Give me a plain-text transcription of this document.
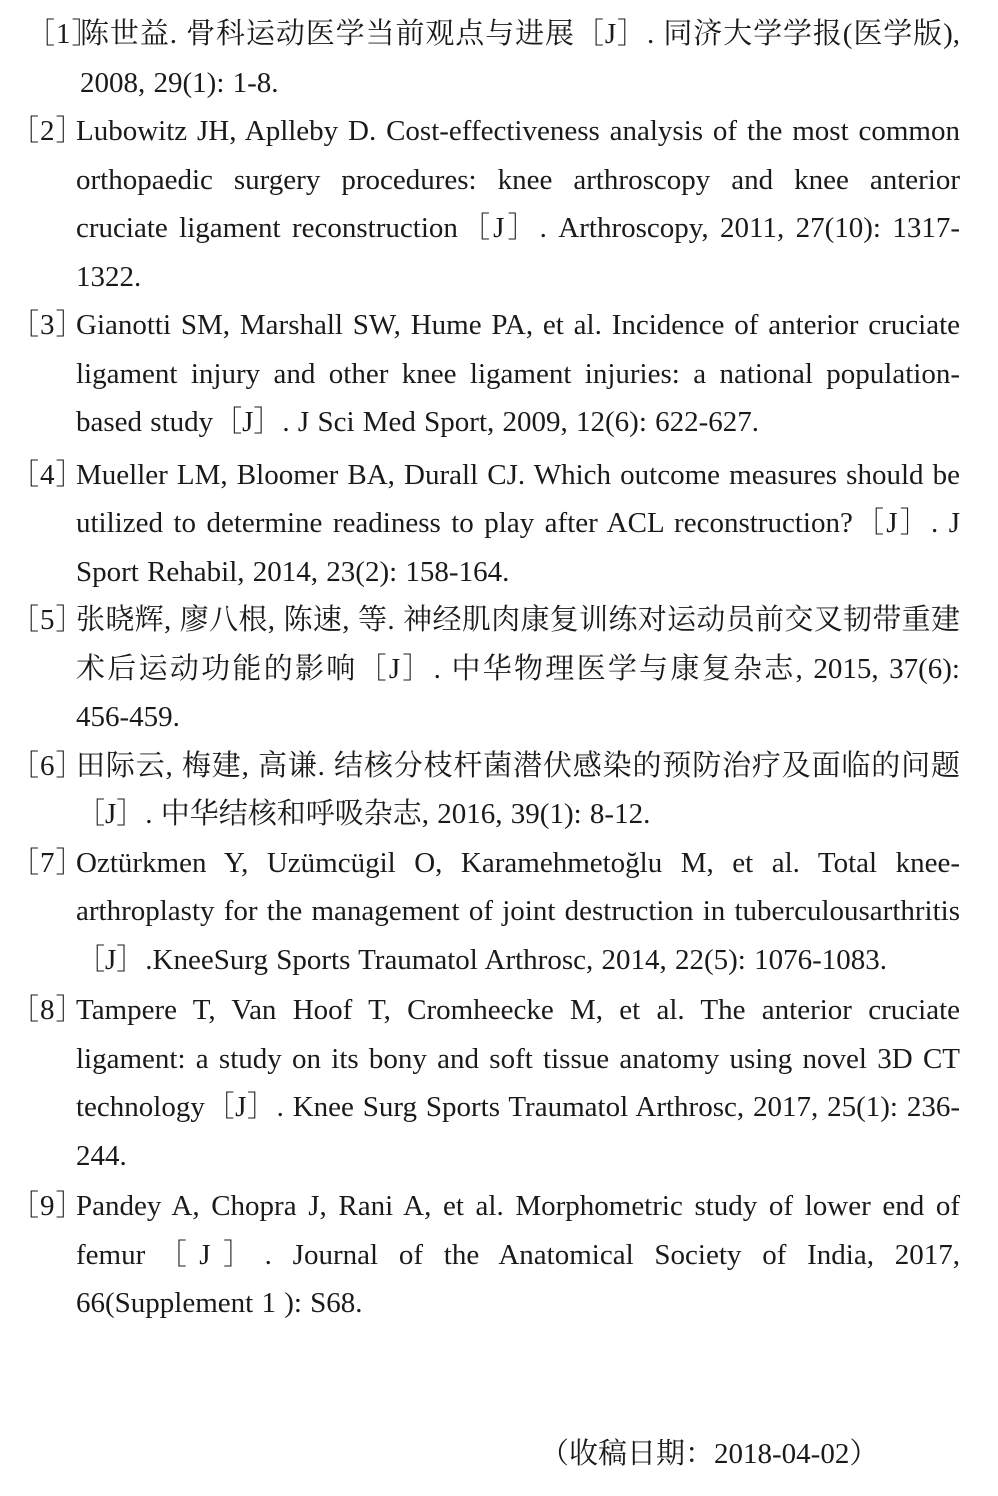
［1］
陈世益. 骨科运动医学当前观点与进展［J］. 同济大学学报(医学版), 2008, 29(1): 1-8.
［2］
Lubowitz JH, Aplleby D. Cost-effectiveness analysis of the most common orthopaedic surgery procedures: knee arthroscopy and knee anterior cruciate ligament reconstruction［J］. Arthroscopy, 2011, 27(10): 1317-1322.
［3］
Gianotti SM, Marshall SW, Hume PA, et al. Incidence of anterior cruciate ligament injury and other knee ligament injuries: a national population-based study［J］. J Sci Med Sport, 2009, 12(6): 622-627.
［4］
Mueller LM, Bloomer BA, Durall CJ. Which outcome measures should be utilized to determine readiness to play after ACL reconstruction?［J］. J Sport Rehabil, 2014, 23(2): 158-164.
［5］
张晓辉, 廖八根, 陈速, 等. 神经肌肉康复训练对运动员前交叉韧带重建术后运动功能的影响［J］. 中华物理医学与康复杂志, 2015, 37(6): 456-459.
［6］
田际云, 梅建, 高谦. 结核分枝杆菌潜伏感染的预防治疗及面临的问题［J］. 中华结核和呼吸杂志, 2016, 39(1): 8-12.
［7］
Oztürkmen Y, Uzümcügil O, Karamehmetoğlu M, et al. Total knee-arthroplasty for the management of joint destruction in tuberculousarthritis［J］.KneeSurg Sports Traumatol Arthrosc, 2014, 22(5): 1076-1083.
［8］
Tampere T, Van Hoof T, Cromheecke M, et al. The anterior cruciate ligament: a study on its bony and soft tissue anatomy using novel 3D CT technology［J］. Knee Surg Sports Traumatol Arthrosc, 2017, 25(1): 236-244.
［9］
Pandey A, Chopra J, Rani A, et al. Morphometric study of lower end of femur［J］. Journal of the Anatomical Society of India, 2017, 66(Supplement 1 ): S68.
（收稿日期：2018-04-02）
